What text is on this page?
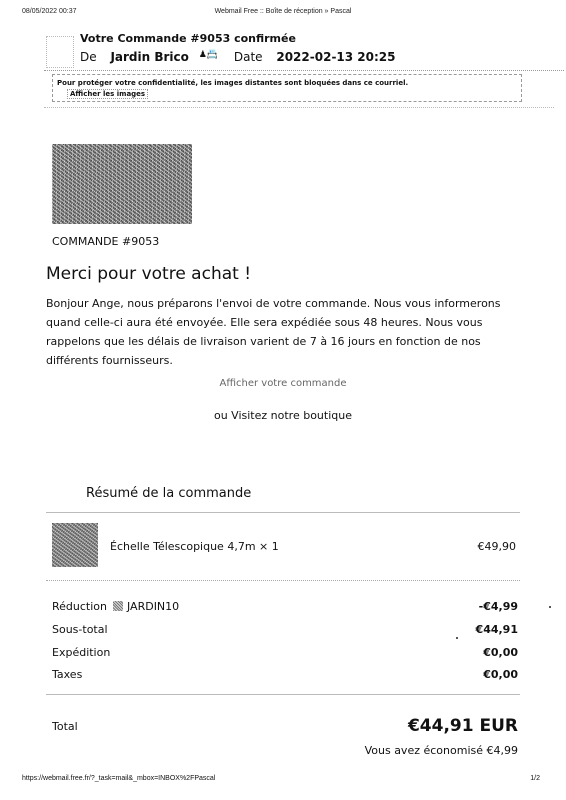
08/05/2022 00:37	Webmail Free :: Boîte de réception » Pascal
Votre Commande #9053 confirmée
De Jardin Brico ♟📇 Date 2022-02-13 20:25
Pour protéger votre confidentialité, les images distantes sont bloquées dans ce courriel.
Afficher les images
COMMANDE #9053
Merci pour votre achat !
Bonjour Ange, nous préparons l'envoi de votre commande. Nous vous informerons quand celle-ci aura été envoyée. Elle sera expédiée sous 48 heures. Nous vous rappelons que les délais de livraison varient de 7 à 16 jours en fonction de nos différents fournisseurs.
Afficher votre commande
ou Visitez notre boutique
Résumé de la commande
Échelle Télescopique 4,7m × 1	€49,90
Réduction JARDIN10	-€4,99
Sous-total	€44,91
Expédition	€0,00
Taxes	€0,00
Total	€44,91 EUR
Vous avez économisé €4,99
https://webmail.free.fr/?_task=mail&_mbox=INBOX%2FPascal	1/2
